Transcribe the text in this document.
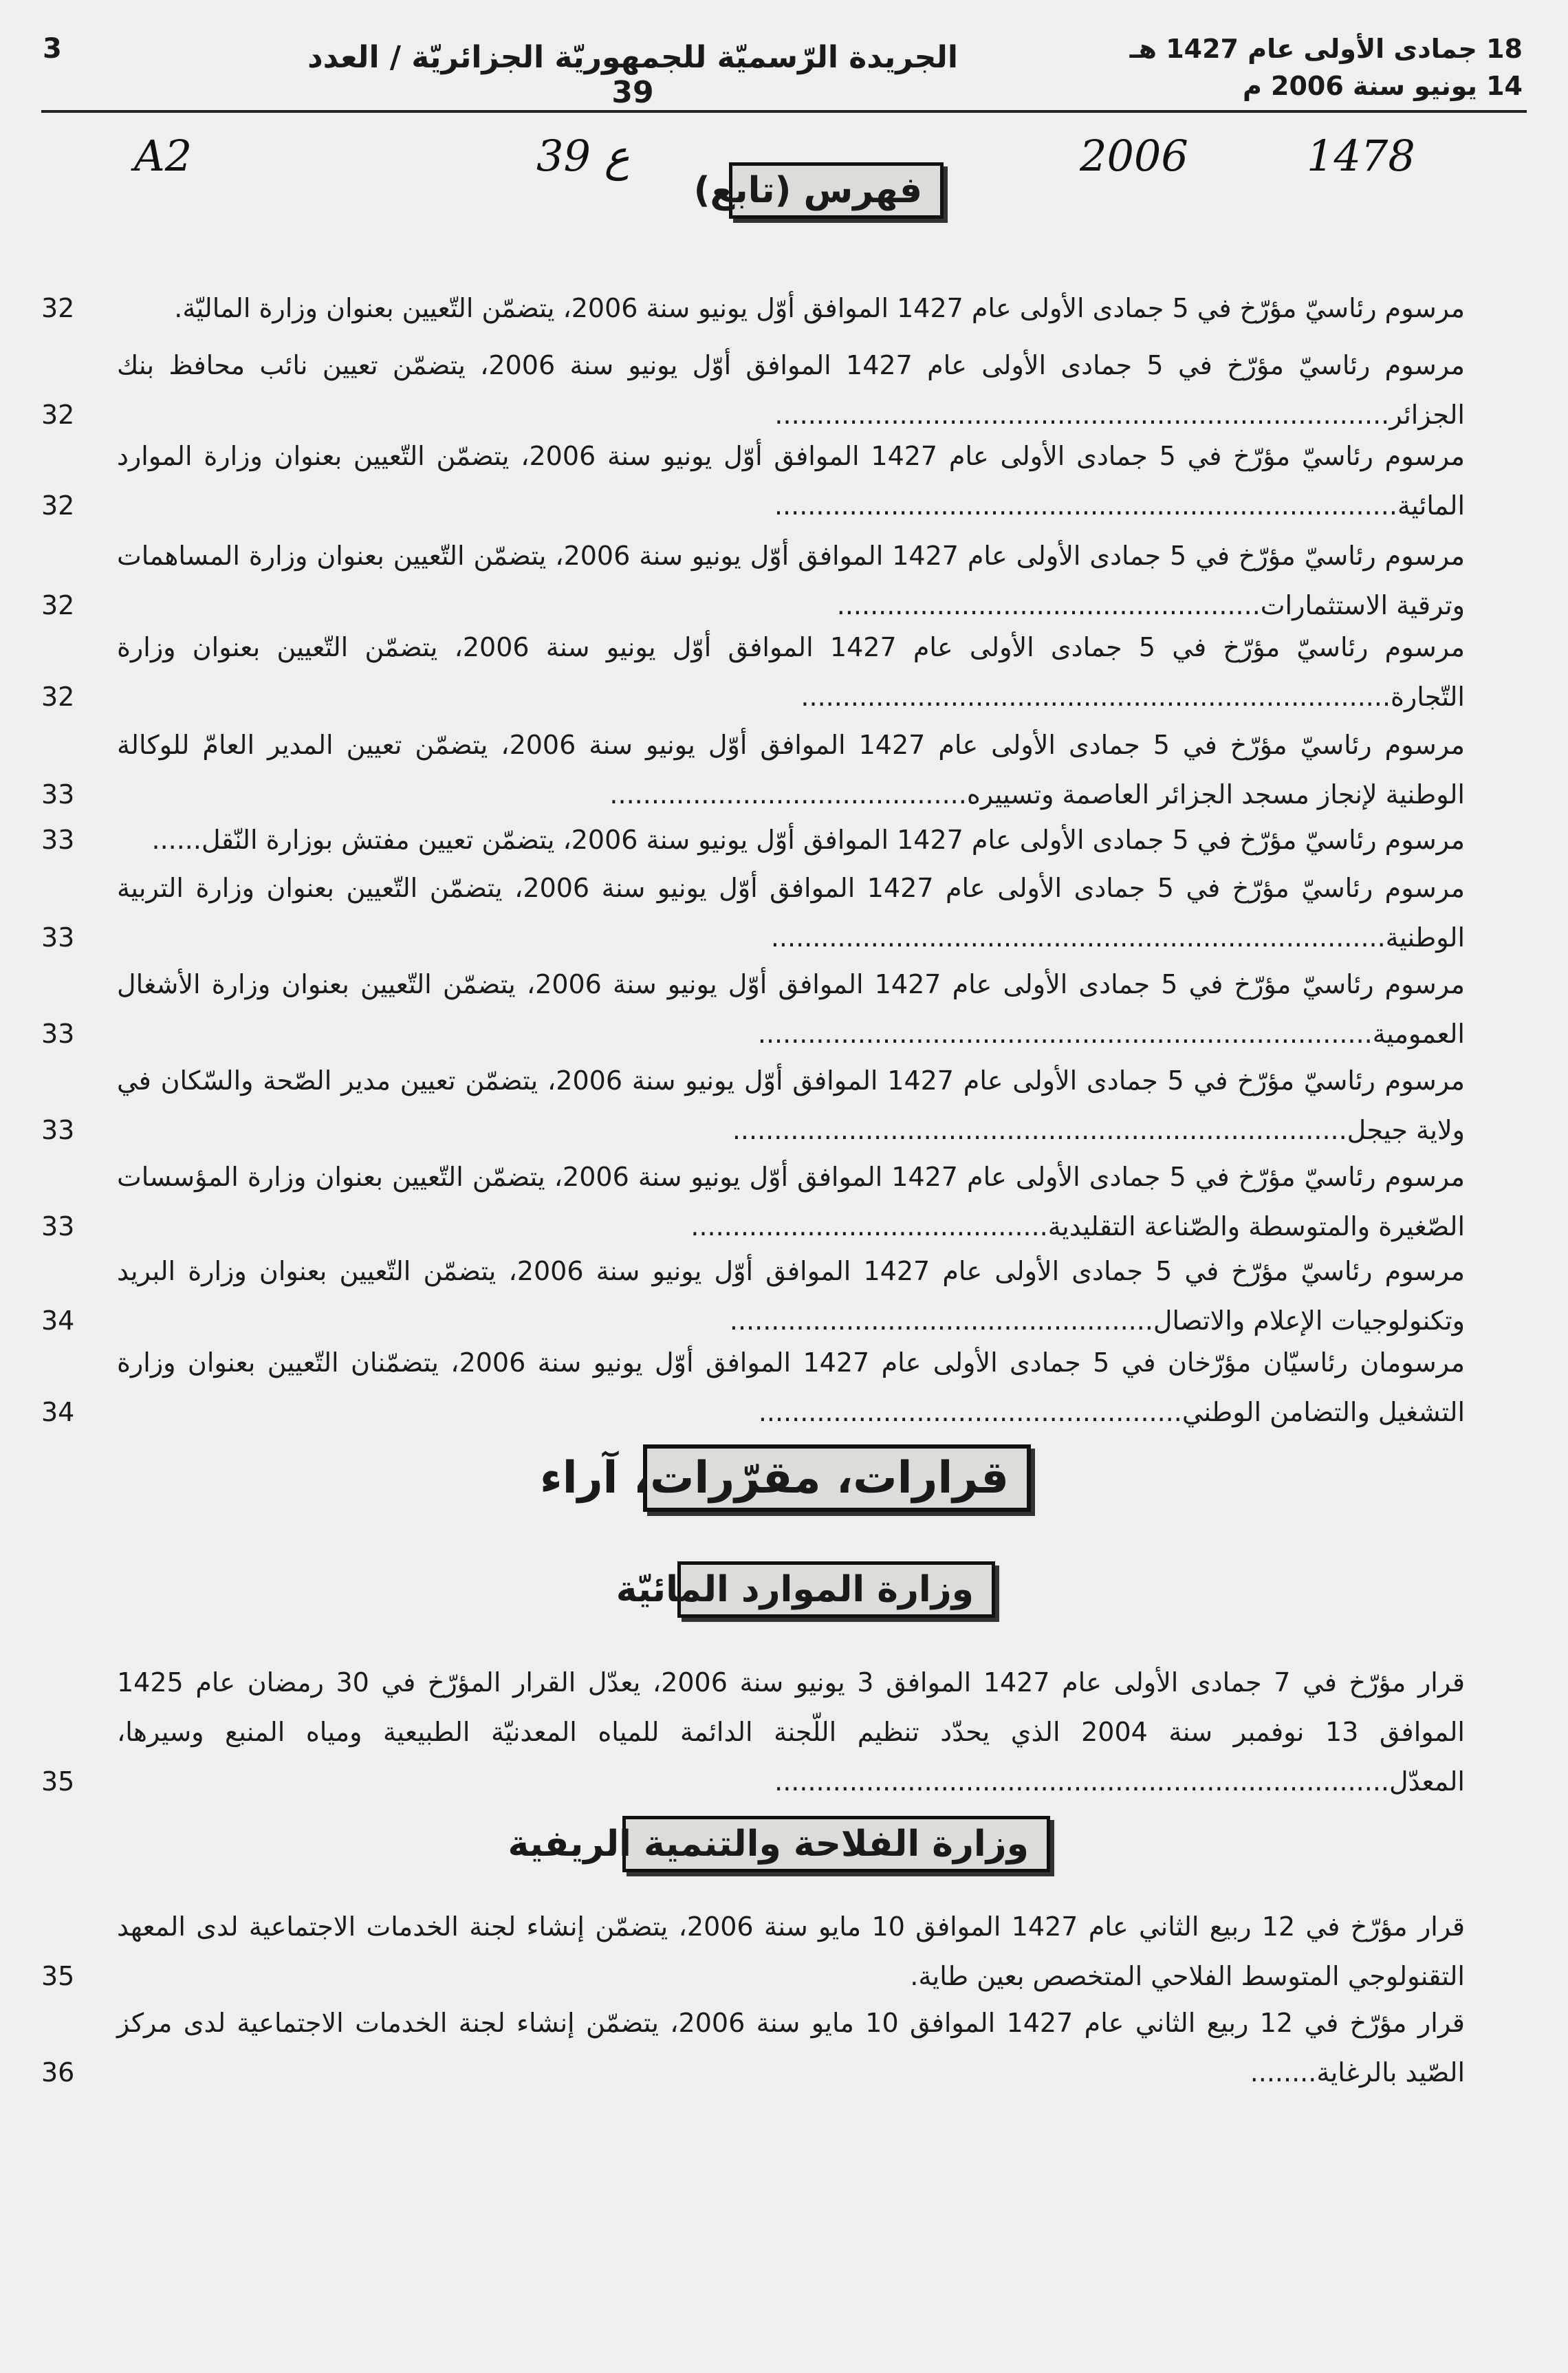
3	الجريدة الرّسميّة للجمهوريّة الجزائريّة / العدد 39
18 جمادى الأولى عام 1427 هـ
14 يونيو سنة 2006 م
A2	39 ع	2006	1478
فهرس (تابع)
مرسوم رئاسيّ مؤرّخ في 5 جمادى الأولى عام 1427 الموافق أوّل يونيو سنة 2006، يتضمّن التّعيين بعنوان وزارة الماليّة.
32
مرسوم رئاسيّ مؤرّخ في 5 جمادى الأولى عام 1427 الموافق أوّل يونيو سنة 2006، يتضمّن تعيين نائب محافظ بنك الجزائر..........................................................................
32
مرسوم رئاسيّ مؤرّخ في 5 جمادى الأولى عام 1427 الموافق أوّل يونيو سنة 2006، يتضمّن التّعيين بعنوان وزارة الموارد المائية...........................................................................
32
مرسوم رئاسيّ مؤرّخ في 5 جمادى الأولى عام 1427 الموافق أوّل يونيو سنة 2006، يتضمّن التّعيين بعنوان وزارة المساهمات وترقية الاستثمارات...................................................
32
مرسوم رئاسيّ مؤرّخ في 5 جمادى الأولى عام 1427 الموافق أوّل يونيو سنة 2006، يتضمّن التّعيين بعنوان وزارة التّجارة.......................................................................
32
مرسوم رئاسيّ مؤرّخ في 5 جمادى الأولى عام 1427 الموافق أوّل يونيو سنة 2006، يتضمّن تعيين المدير العامّ للوكالة الوطنية لإنجاز مسجد الجزائر العاصمة وتسييره...........................................
33
مرسوم رئاسيّ مؤرّخ في 5 جمادى الأولى عام 1427 الموافق أوّل يونيو سنة 2006، يتضمّن تعيين مفتش بوزارة النّقل......
33
مرسوم رئاسيّ مؤرّخ في 5 جمادى الأولى عام 1427 الموافق أوّل يونيو سنة 2006، يتضمّن التّعيين بعنوان وزارة التربية الوطنية..........................................................................
33
مرسوم رئاسيّ مؤرّخ في 5 جمادى الأولى عام 1427 الموافق أوّل يونيو سنة 2006، يتضمّن التّعيين بعنوان وزارة الأشغال العمومية..........................................................................
33
مرسوم رئاسيّ مؤرّخ في 5 جمادى الأولى عام 1427 الموافق أوّل يونيو سنة 2006، يتضمّن تعيين مدير الصّحة والسّكان في ولاية جيجل..........................................................................
33
مرسوم رئاسيّ مؤرّخ في 5 جمادى الأولى عام 1427 الموافق أوّل يونيو سنة 2006، يتضمّن التّعيين بعنوان وزارة المؤسسات الصّغيرة والمتوسطة والصّناعة التقليدية...........................................
33
مرسوم رئاسيّ مؤرّخ في 5 جمادى الأولى عام 1427 الموافق أوّل يونيو سنة 2006، يتضمّن التّعيين بعنوان وزارة البريد وتكنولوجيات الإعلام والاتصال...................................................
34
مرسومان رئاسيّان مؤرّخان في 5 جمادى الأولى عام 1427 الموافق أوّل يونيو سنة 2006، يتضمّنان التّعيين بعنوان وزارة التشغيل والتضامن الوطني...................................................
34
قرارات، مقرّرات، آراء
وزارة الموارد المائيّة
قرار مؤرّخ في 7 جمادى الأولى عام 1427 الموافق 3 يونيو سنة 2006، يعدّل القرار المؤرّخ في 30 رمضان عام 1425 الموافق 13 نوفمبر سنة 2004 الذي يحدّد تنظيم اللّجنة الدائمة للمياه المعدنيّة الطبيعية ومياه المنبع وسيرها، المعدّل..........................................................................
35
وزارة الفلاحة والتنمية الريفية
قرار مؤرّخ في 12 ربيع الثاني عام 1427 الموافق 10 مايو سنة 2006، يتضمّن إنشاء لجنة الخدمات الاجتماعية لدى المعهد التقنولوجي المتوسط الفلاحي المتخصص بعين طاية.
35
قرار مؤرّخ في 12 ربيع الثاني عام 1427 الموافق 10 مايو سنة 2006، يتضمّن إنشاء لجنة الخدمات الاجتماعية لدى مركز الصّيد بالرغاية........
36
